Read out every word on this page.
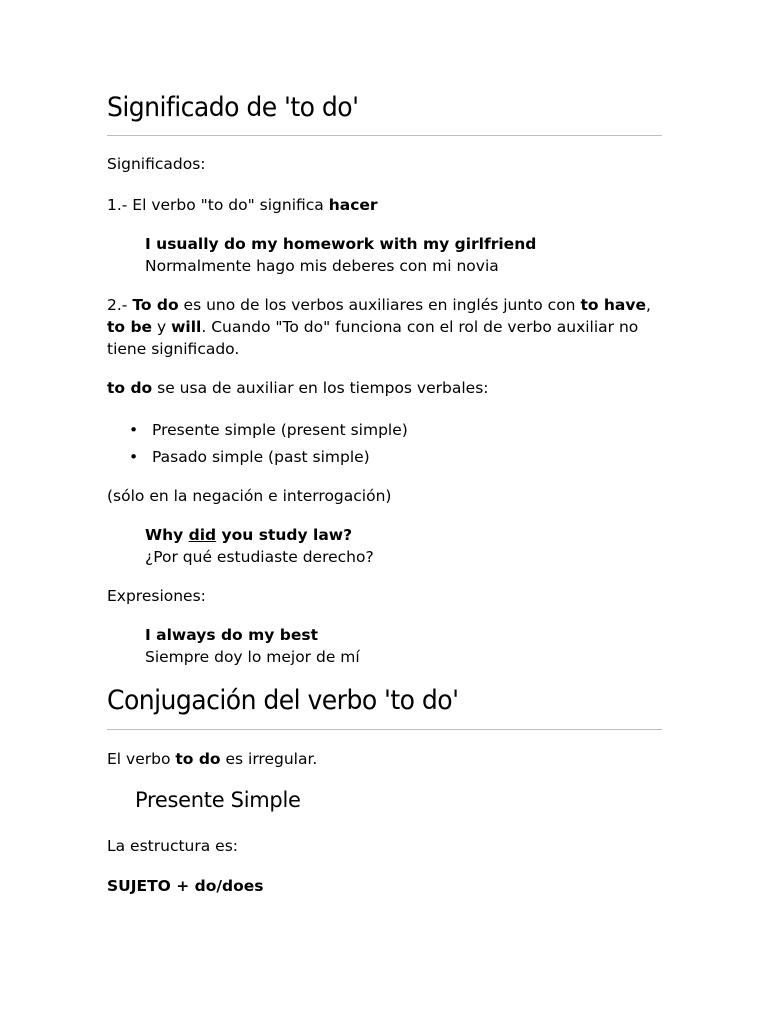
Significado de 'to do'

Significados:

1.- El verbo "to do" significa hacer

I usually do my homework with my girlfriend
Normalmente hago mis deberes con mi novia

2.- To do es uno de los verbos auxiliares en inglés junto con to have, to be y will. Cuando "To do" funciona con el rol de verbo auxiliar no tiene significado.

to do se usa de auxiliar en los tiempos verbales:

• Presente simple (present simple)
• Pasado simple (past simple)

(sólo en la negación e interrogación)

Why did you study law?
¿Por qué estudiaste derecho?

Expresiones:

I always do my best
Siempre doy lo mejor de mí
Conjugación del verbo 'to do'

El verbo to do es irregular.

Presente Simple

La estructura es:

SUJETO + do/does
